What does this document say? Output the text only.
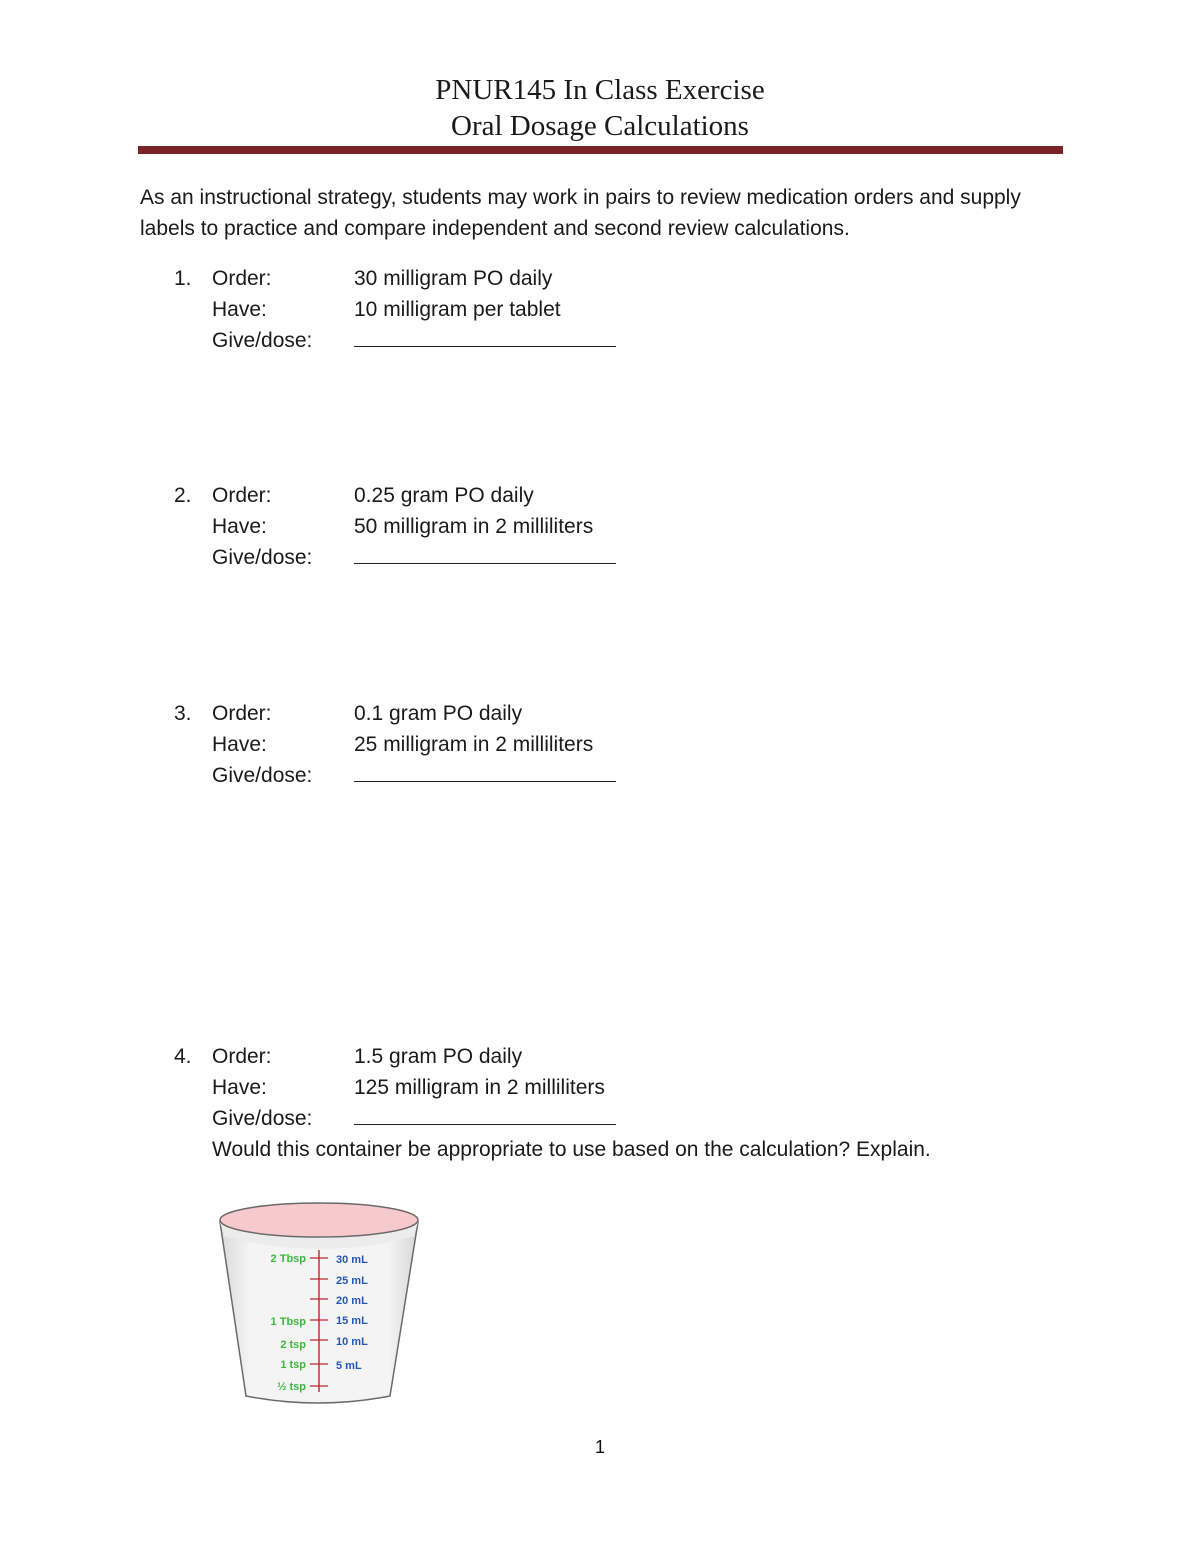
PNUR145 In Class Exercise
Oral Dosage Calculations
As an instructional strategy, students may work in pairs to review medication orders and supply labels to practice and compare independent and second review calculations.
1. Order:	30 milligram PO daily
Have:	10 milligram per tablet
Give/dose:
2. Order:	0.25 gram PO daily
Have:	50 milligram in 2 milliliters
Give/dose:
3. Order:	0.1 gram PO daily
Have:	25 milligram in 2 milliliters
Give/dose:
4. Order:	1.5 gram PO daily
Have:	125 milligram in 2 milliliters
Give/dose:
Would this container be appropriate to use based on the calculation? Explain.
2 Tbsp
1 Tbsp
2 tsp
1 tsp
½ tsp
30 mL
25 mL
20 mL
15 mL
10 mL
5 mL
1
